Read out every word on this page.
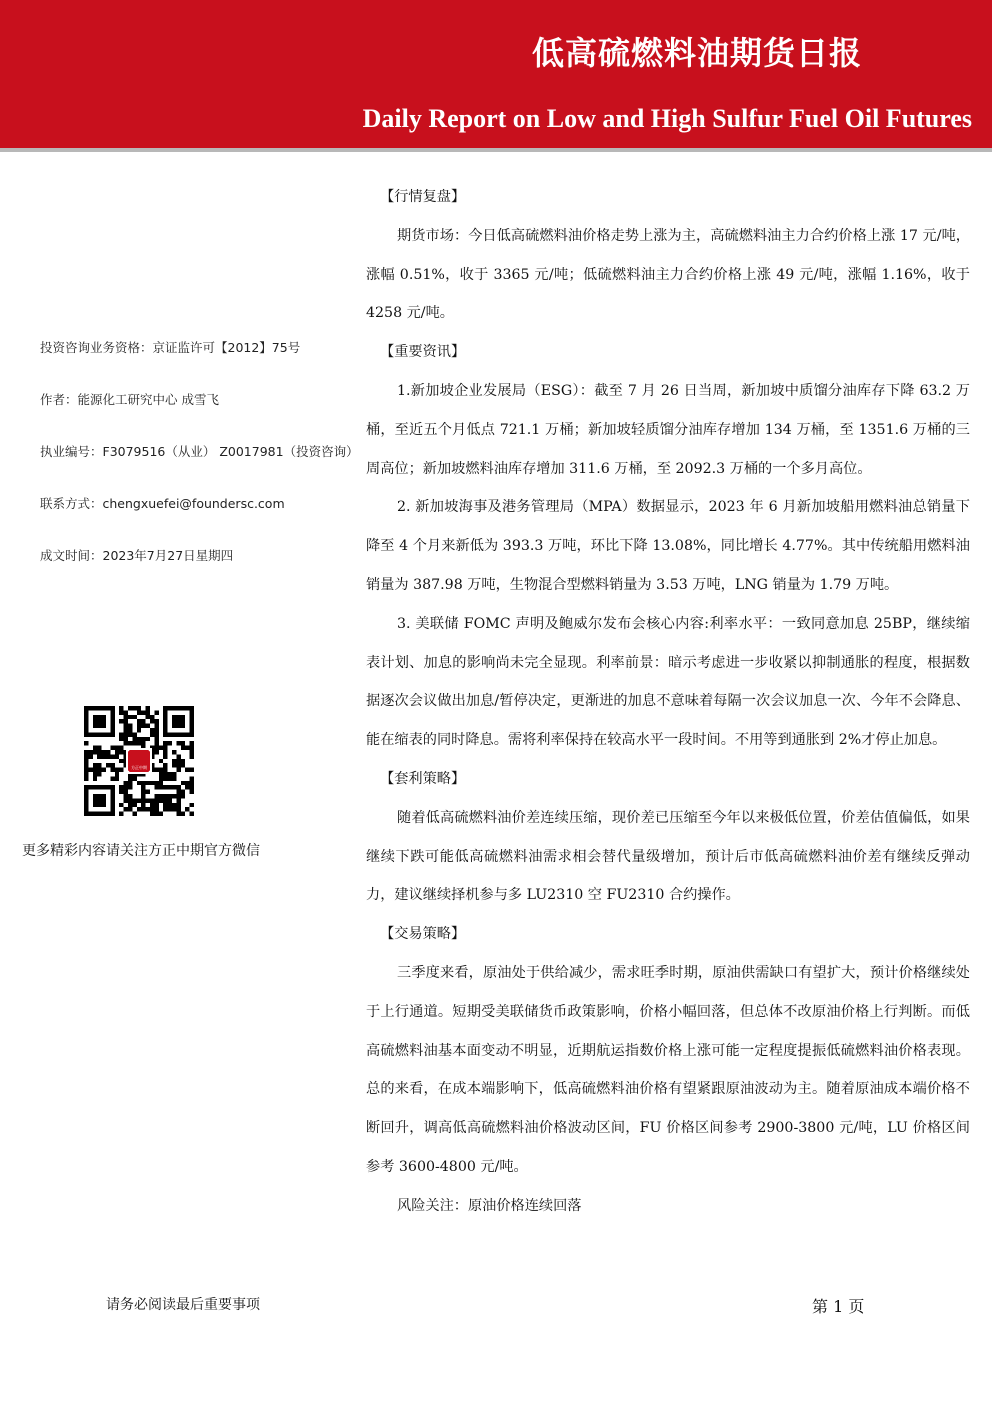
低高硫燃料油期货日报
Daily Report on Low and High Sulfur Fuel Oil Futures
投资咨询业务资格：京证监许可【2012】75号
作者：能源化工研究中心 成雪飞
执业编号：F3079516（从业） Z0017981（投资咨询）
联系方式：chengxuefei@foundersc.com
成文时间：2023年7月27日星期四
更多精彩内容请关注方正中期官方微信

【行情复盘】

期货市场：今日低高硫燃料油价格走势上涨为主，高硫燃料油主力合约价格上涨 17 元/吨，涨幅 0.51%，收于 3365 元/吨；低硫燃料油主力合约价格上涨 49 元/吨，涨幅 1.16%，收于 4258 元/吨。

【重要资讯】

1.新加坡企业发展局（ESG）：截至 7 月 26 日当周，新加坡中质馏分油库存下降 63.2 万桶，至近五个月低点 721.1 万桶；新加坡轻质馏分油库存增加 134 万桶，至 1351.6 万桶的三周高位；新加坡燃料油库存增加 311.6 万桶，至 2092.3 万桶的一个多月高位。

2. 新加坡海事及港务管理局（MPA）数据显示，2023 年 6 月新加坡船用燃料油总销量下降至 4 个月来新低为 393.3 万吨，环比下降 13.08%，同比增长 4.77%。其中传统船用燃料油销量为 387.98 万吨，生物混合型燃料销量为 3.53 万吨，LNG 销量为 1.79 万吨。

3. 美联储 FOMC 声明及鲍威尔发布会核心内容:利率水平：一致同意加息 25BP，继续缩表计划、加息的影响尚未完全显现。利率前景：暗示考虑进一步收紧以抑制通胀的程度，根据数据逐次会议做出加息/暂停决定，更渐进的加息不意味着每隔一次会议加息一次、今年不会降息、能在缩表的同时降息。需将利率保持在较高水平一段时间。不用等到通胀到 2%才停止加息。

【套利策略】

随着低高硫燃料油价差连续压缩，现价差已压缩至今年以来极低位置，价差估值偏低，如果继续下跌可能低高硫燃料油需求相会替代量级增加，预计后市低高硫燃料油价差有继续反弹动力，建议继续择机参与多 LU2310 空 FU2310 合约操作。

【交易策略】

三季度来看，原油处于供给减少，需求旺季时期，原油供需缺口有望扩大，预计价格继续处于上行通道。短期受美联储货币政策影响，价格小幅回落，但总体不改原油价格上行判断。而低高硫燃料油基本面变动不明显，近期航运指数价格上涨可能一定程度提振低硫燃料油价格表现。总的来看，在成本端影响下，低高硫燃料油价格有望紧跟原油波动为主。随着原油成本端价格不断回升，调高低高硫燃料油价格波动区间，FU 价格区间参考 2900-3800 元/吨，LU 价格区间参考 3600-4800 元/吨。

风险关注：原油价格连续回落

请务必阅读最后重要事项	第 1 页
